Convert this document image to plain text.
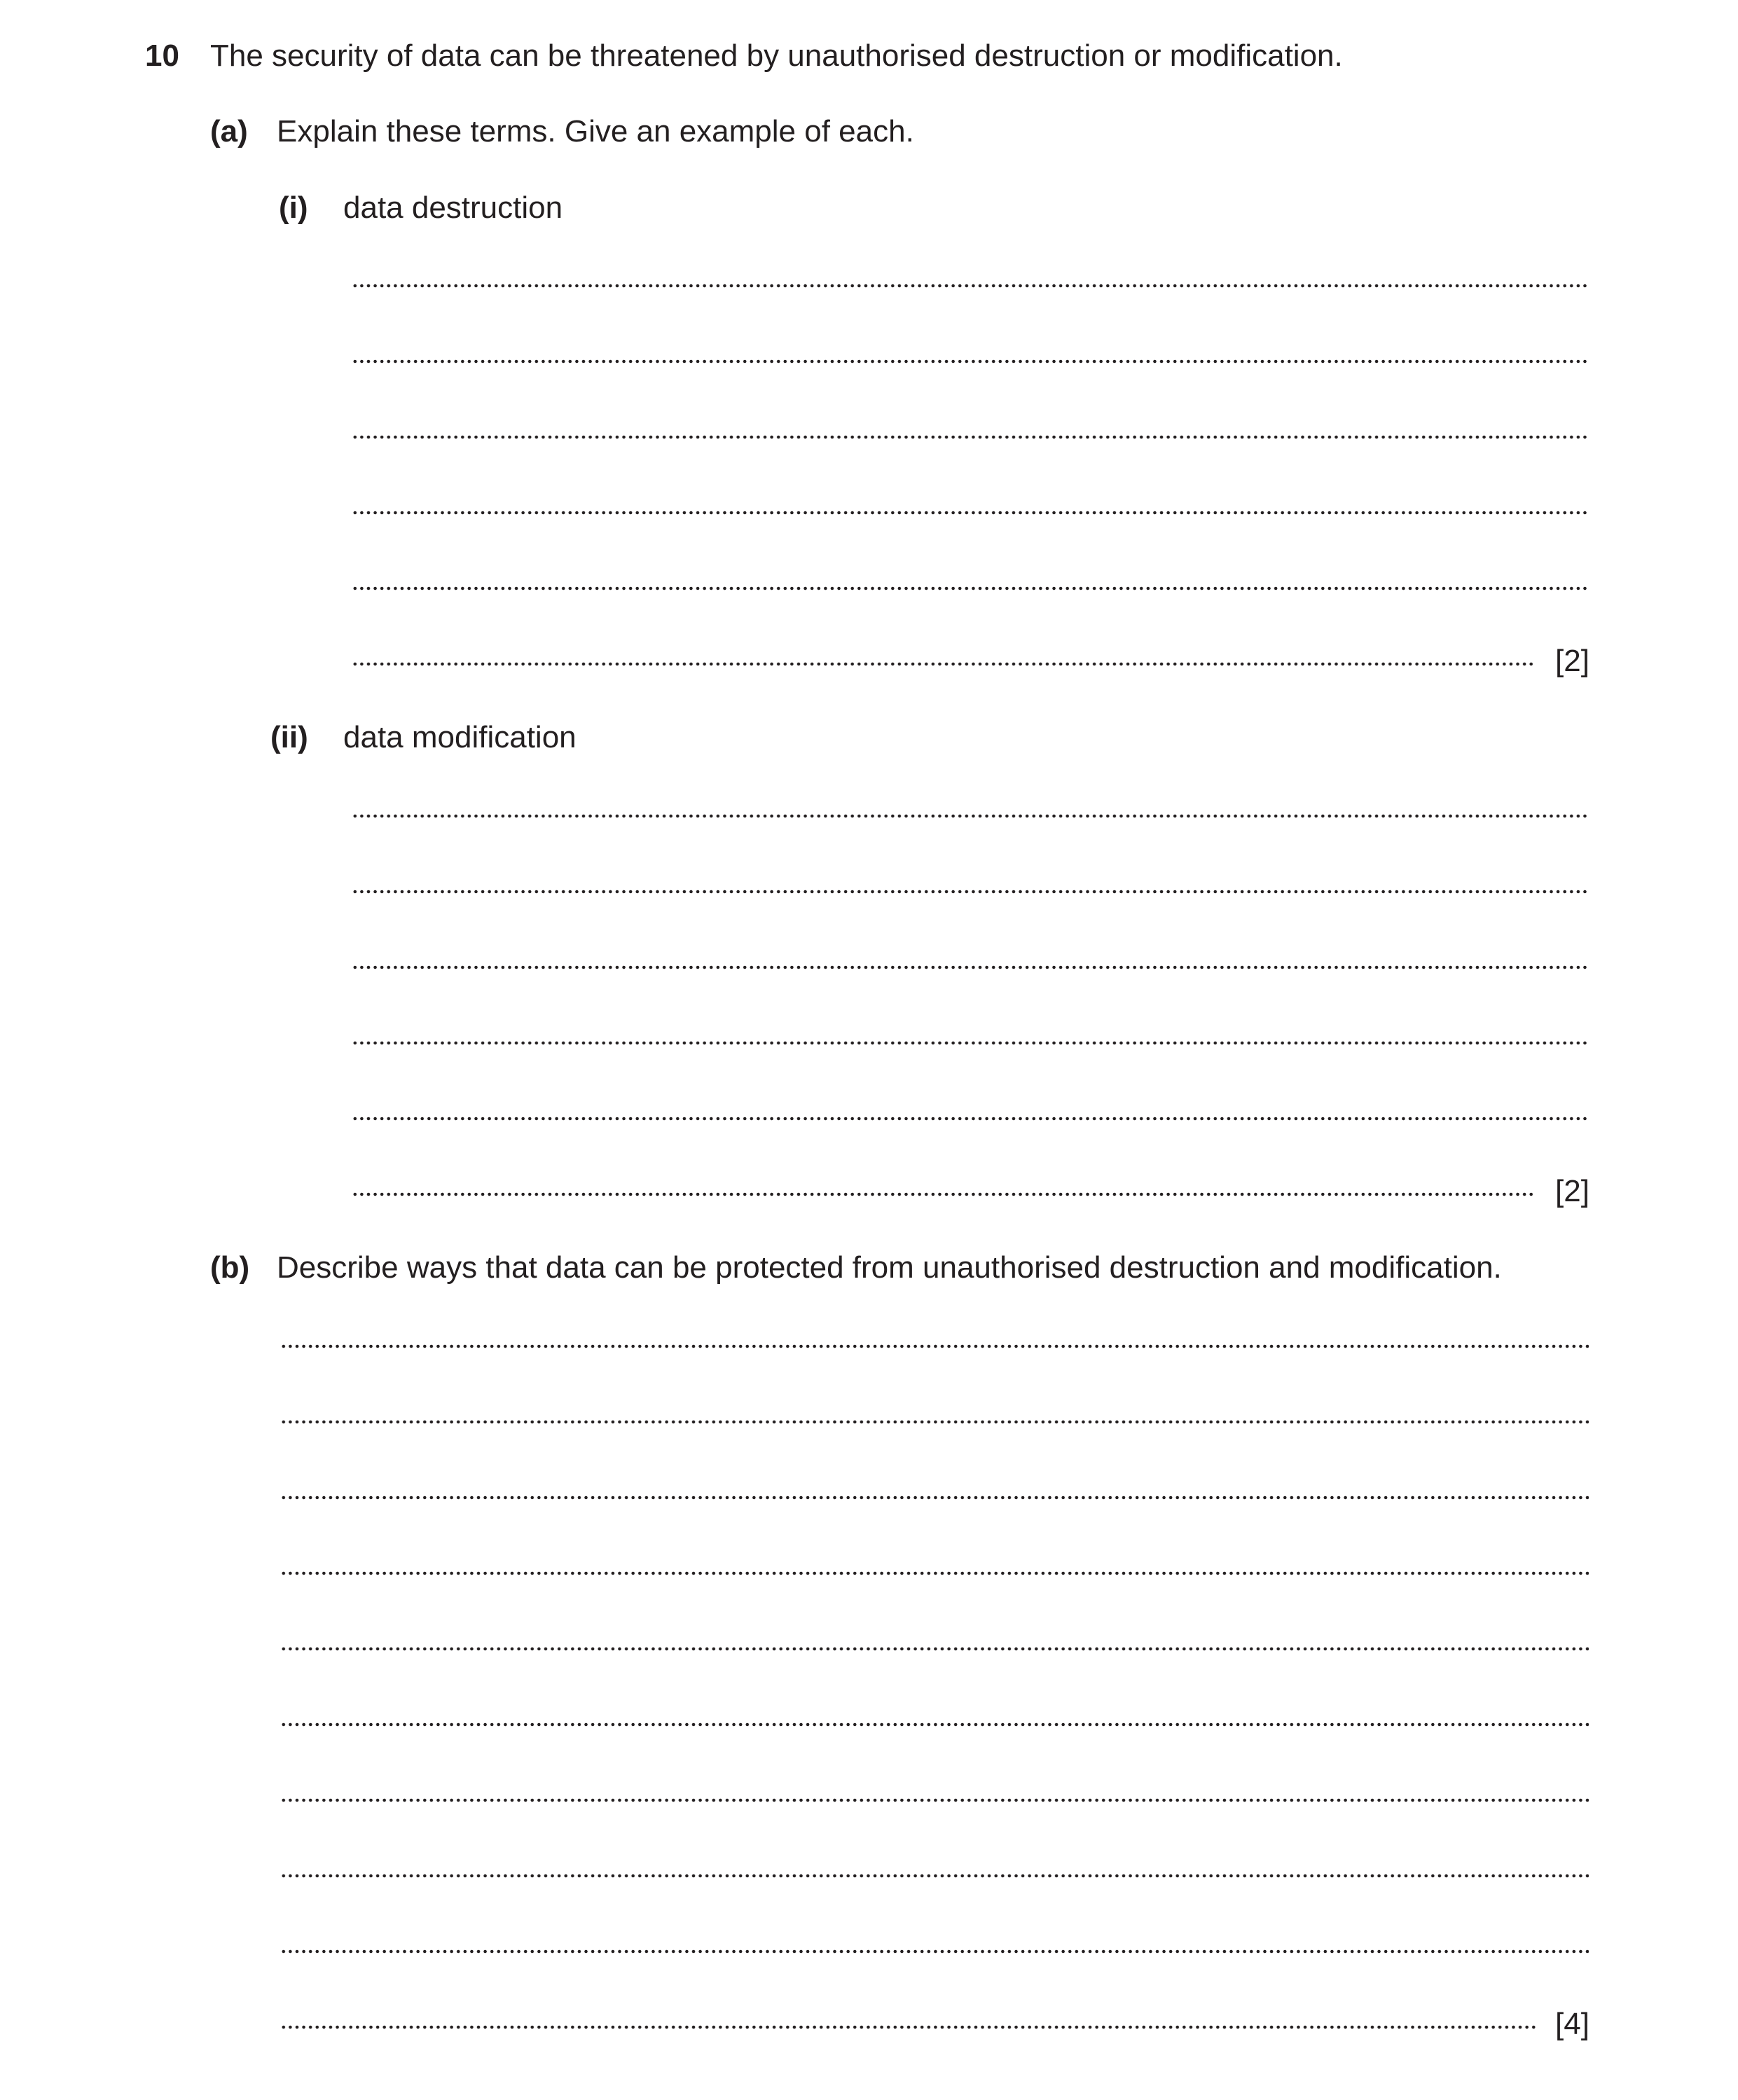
10 The security of data can be threatened by unauthorised destruction or modification.
(a) Explain these terms. Give an example of each.
(i) data destruction
[2]
(ii) data modification
[2]
(b) Describe ways that data can be protected from unauthorised destruction and modification.
[4]
